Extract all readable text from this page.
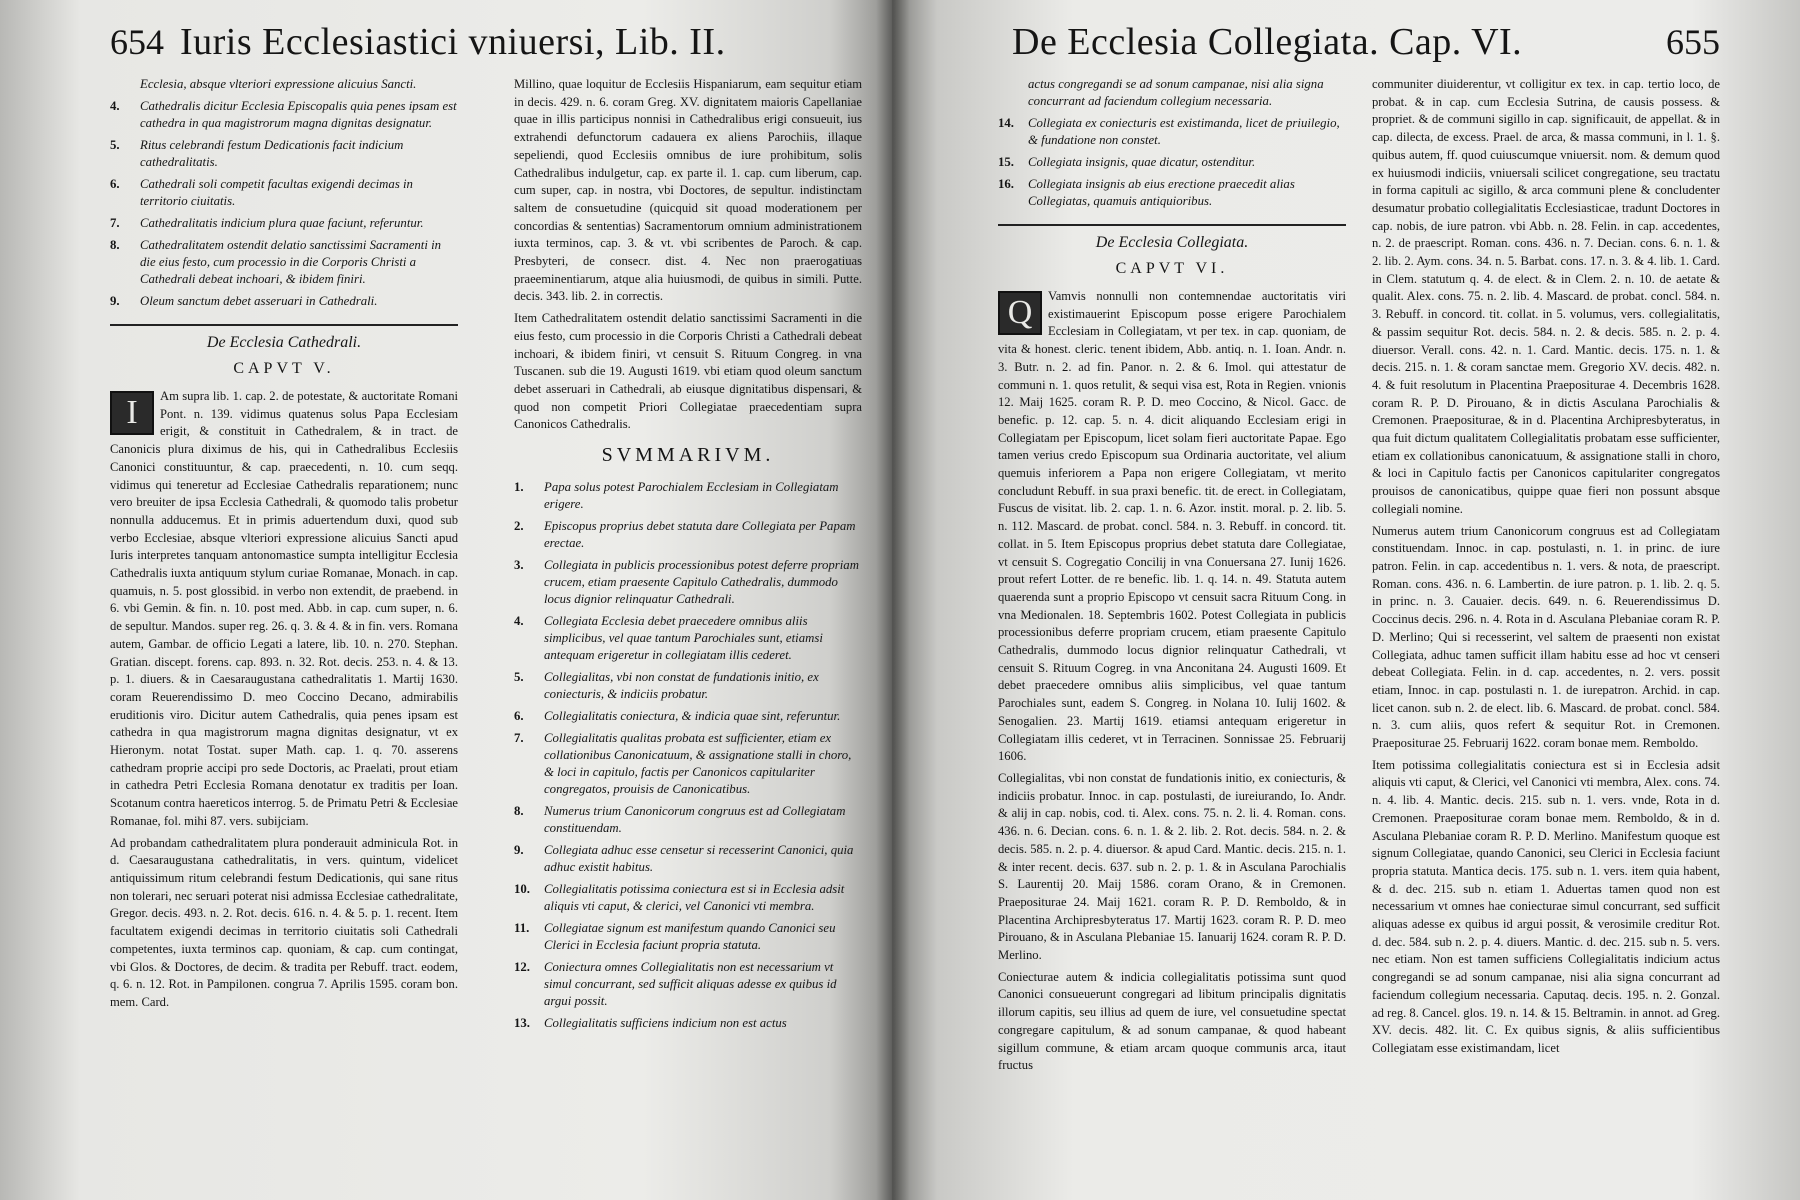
654 Iuris Ecclesiastici vniuersi, Lib. II.
Ecclesia, absque vlteriori expressione alicuius Sancti.
4.	Cathedralis dicitur Ecclesia Episcopalis quia penes ipsam est cathedra in qua magistrorum magna dignitas designatur.
5.	Ritus celebrandi festum Dedicationis facit indicium cathedralitatis.
6.	Cathedrali soli competit facultas exigendi decimas in territorio ciuitatis.
7.	Cathedralitatis indicium plura quae faciunt, referuntur.
8.	Cathedralitatem ostendit delatio sanctissimi Sacramenti in die eius festo, cum processio in die Corporis Christi a Cathedrali debeat inchoari, & ibidem finiri.
9.	Oleum sanctum debet asseruari in Cathedrali.
De Ecclesia Cathedrali.
CAPVT V.
I	Am supra lib. 1. cap. 2. de potestate, & auctoritate Romani Pont. n. 139. vidimus quatenus solus Papa Ecclesiam erigit, & constituit in Cathedralem, & in tract. de Canonicis plura diximus de his, qui in Cathedralibus Ecclesiis Canonici constituuntur, & cap. praecedenti, n. 10. cum seqq. vidimus qui teneretur ad Ecclesiae Cathedralis reparationem; nunc vero breuiter de ipsa Ecclesia Cathedrali, & quomodo talis probetur nonnulla adducemus. Et in primis aduertendum duxi, quod sub verbo Ecclesiae, absque vlteriori expressione alicuius Sancti apud Iuris interpretes tanquam antonomastice sumpta intelligitur Ecclesia Cathedralis iuxta antiquum stylum curiae Romanae, Monach. in cap. quamuis, n. 5. post glossibid. in verbo non extendit, de praebend. in 6. vbi Gemin. & fin. n. 10. post med. Abb. in cap. cum super, n. 6. de sepultur. Mandos. super reg. 26. q. 3. & 4. & in fin. vers. Romana autem, Gambar. de officio Legati a latere, lib. 10. n. 270. Stephan. Gratian. discept. forens. cap. 893. n. 32. Rot. decis. 253. n. 4. & 13. p. 1. diuers. & in Caesaraugustana cathedralitatis 1. Martij 1630. coram Reuerendissimo D. meo Coccino Decano, admirabilis eruditionis viro. Dicitur autem Cathedralis, quia penes ipsam est cathedra in qua magistrorum magna dignitas designatur, vt ex Hieronym. notat Tostat. super Math. cap. 1. q. 70. asserens cathedram proprie accipi pro sede Doctoris, ac Praelati, prout etiam in cathedra Petri Ecclesia Romana denotatur ex traditis per Ioan. Scotanum contra haereticos interrog. 5. de Primatu Petri & Ecclesiae Romanae, fol. mihi 87. vers. subijciam.
Ad probandam cathedralitatem plura ponderauit adminicula Rot. in d. Caesaraugustana cathedralitatis, in vers. quintum, videlicet antiquissimum ritum celebrandi festum Dedicationis, qui sane ritus non tolerari, nec seruari poterat nisi admissa Ecclesiae cathedralitate, Gregor. decis. 493. n. 2. Rot. decis. 616. n. 4. & 5. p. 1. recent. Item facultatem exigendi decimas in territorio ciuitatis soli Cathedrali competentes, iuxta terminos cap. quoniam, & cap. cum contingat, vbi Glos. & Doctores, de decim. & tradita per Rebuff. tract. eodem, q. 6. n. 12. Rot. in Pampilonen. congrua 7. Aprilis 1595. coram bon. mem. Card.
Millino, quae loquitur de Ecclesiis Hispaniarum, eam sequitur etiam in decis. 429. n. 6. coram Greg. XV. dignitatem maioris Capellaniae quae in illis participus nonnisi in Cathedralibus erigi consueuit, ius extrahendi defunctorum cadauera ex aliens Parochiis, illaque sepeliendi, quod Ecclesiis omnibus de iure prohibitum, solis Cathedralibus indulgetur, cap. ex parte il. 1. cap. cum liberum, cap. cum super, cap. in nostra, vbi Doctores, de sepultur. indistinctam saltem de consuetudine (quicquid sit quoad moderationem per concordias & sententias) Sacramentorum omnium administrationem iuxta terminos, cap. 3. & vt. vbi scribentes de Paroch. & cap. Presbyteri, de consecr. dist. 4. Nec non praerogatiuas praeeminentiarum, atque alia huiusmodi, de quibus in simili. Putte. decis. 343. lib. 2. in correctis.
Item Cathedralitatem ostendit delatio sanctissimi Sacramenti in die eius festo, cum processio in die Corporis Christi a Cathedrali debeat inchoari, & ibidem finiri, vt censuit S. Rituum Congreg. in vna Tuscanen. sub die 19. Augusti 1619. vbi etiam quod oleum sanctum debet asseruari in Cathedrali, ab eiusque dignitatibus dispensari, & quod non competit Priori Collegiatae praecedentiam supra Canonicos Cathedralis.
SVMMARIVM.
1.	Papa solus potest Parochialem Ecclesiam in Collegiatam erigere.
2.	Episcopus proprius debet statuta dare Collegiata per Papam erectae.
3.	Collegiata in publicis processionibus potest deferre propriam crucem, etiam praesente Capitulo Cathedralis, dummodo locus dignior relinquatur Cathedrali.
4.	Collegiata Ecclesia debet praecedere omnibus aliis simplicibus, vel quae tantum Parochiales sunt, etiamsi antequam erigeretur in collegiatam illis cederet.
5.	Collegialitas, vbi non constat de fundationis initio, ex coniecturis, & indiciis probatur.
6.	Collegialitatis coniectura, & indicia quae sint, referuntur.
7.	Collegialitatis qualitas probata est sufficienter, etiam ex collationibus Canonicatuum, & assignatione stalli in choro, & loci in capitulo, factis per Canonicos capitulariter congregatos, prouisis de Canonicatibus.
8.	Numerus trium Canonicorum congruus est ad Collegiatam constituendam.
9.	Collegiata adhuc esse censetur si recesserint Canonici, quia adhuc existit habitus.
10.	Collegialitatis potissima coniectura est si in Ecclesia adsit aliquis vti caput, & clerici, vel Canonici vti membra.
11.	Collegiatae signum est manifestum quando Canonici seu Clerici in Ecclesia faciunt propria statuta.
12.	Coniectura omnes Collegialitatis non est necessarium vt simul concurrant, sed sufficit aliquas adesse ex quibus id argui possit.
13.	Collegialitatis sufficiens indicium non est actus
De Ecclesia Collegiata. Cap. VI.	655
actus congregandi se ad sonum campanae, nisi alia signa concurrant ad faciendum collegium necessaria.
14.	Collegiata ex coniecturis est existimanda, licet de priuilegio, & fundatione non constet.
15.	Collegiata insignis, quae dicatur, ostenditur.
16.	Collegiata insignis ab eius erectione praecedit alias Collegiatas, quamuis antiquioribus.
De Ecclesia Collegiata.
CAPVT VI.
Q	Vamvis nonnulli non contemnendae auctoritatis viri existimauerint Episcopum posse erigere Parochialem Ecclesiam in Collegiatam, vt per tex. in cap. quoniam, de vita & honest. cleric. tenent ibidem, Abb. antiq. n. 1. Ioan. Andr. n. 3. Butr. n. 2. ad fin. Panor. n. 2. & 6. Imol. qui attestatur de communi n. 1. quos retulit, & sequi visa est, Rota in Regien. vnionis 12. Maij 1625. coram R. P. D. meo Coccino, & Nicol. Gacc. de benefic. p. 12. cap. 5. n. 4. dicit aliquando Ecclesiam erigi in Collegiatam per Episcopum, licet solam fieri auctoritate Papae. Ego tamen verius credo Episcopum sua Ordinaria auctoritate, vel alium quemuis inferiorem a Papa non erigere Collegiatam, vt merito concludunt Rebuff. in sua praxi benefic. tit. de erect. in Collegiatam, Fuscus de visitat. lib. 2. cap. 1. n. 6. Azor. instit. moral. p. 2. lib. 5. n. 112. Mascard. de probat. concl. 584. n. 3. Rebuff. in concord. tit. collat. in 5. Item Episcopus proprius debet statuta dare Collegiatae, vt censuit S. Cogregatio Concilij in vna Conuersana 27. Iunij 1626. prout refert Lotter. de re benefic. lib. 1. q. 14. n. 49. Statuta autem quaerenda sunt a proprio Episcopo vt censuit sacra Rituum Cong. in vna Medionalen. 18. Septembris 1602. Potest Collegiata in publicis processionibus deferre propriam crucem, etiam praesente Capitulo Cathedralis, dummodo locus dignior relinquatur Cathedrali, vt censuit S. Rituum Cogreg. in vna Anconitana 24. Augusti 1609. Et debet praecedere omnibus aliis simplicibus, vel quae tantum Parochiales sunt, eadem S. Congreg. in Nolana 10. Iulij 1602. & Senogalien. 23. Martij 1619. etiamsi antequam erigeretur in Collegiatam illis cederet, vt in Terracinen. Sonnissae 25. Februarij 1606.
Collegialitas, vbi non constat de fundationis initio, ex coniecturis, & indiciis probatur. Innoc. in cap. postulasti, de iureiurando, Io. Andr. & alij in cap. nobis, cod. ti. Alex. cons. 75. n. 2. li. 4. Roman. cons. 436. n. 6. Decian. cons. 6. n. 1. & 2. lib. 2. Rot. decis. 584. n. 2. & decis. 585. n. 2. p. 4. diuersor. & apud Card. Mantic. decis. 215. n. 1. & inter recent. decis. 637. sub n. 2. p. 1. & in Asculana Parochialis S. Laurentij 20. Maij 1586. coram Orano, & in Cremonen. Praepositurae 24. Maij 1621. coram R. P. D. Remboldo, & in Placentina Archipresbyteratus 17. Martij 1623. coram R. P. D. meo Pirouano, & in Asculana Plebaniae 15. Ianuarij 1624. coram R. P. D. Merlino.
Coniecturae autem & indicia collegialitatis potissima sunt quod Canonici consueuerunt congregari ad libitum principalis dignitatis illorum capitis, seu illius ad quem de iure, vel consuetudine spectat congregare capitulum, & ad sonum campanae, & quod habeant sigillum commune, & etiam arcam quoque communis arca, itaut fructus
communiter diuiderentur, vt colligitur ex tex. in cap. tertio loco, de probat. & in cap. cum Ecclesia Sutrina, de causis possess. & propriet. & de communi sigillo in cap. significauit, de appellat. & in cap. dilecta, de excess. Prael. de arca, & massa communi, in l. 1. §. quibus autem, ff. quod cuiuscumque vniuersit. nom. & demum quod ex huiusmodi indiciis, vniuersali scilicet congregatione, seu tractatu in forma capituli ac sigillo, & arca communi plene & concludenter desumatur probatio collegialitatis Ecclesiasticae, tradunt Doctores in cap. nobis, de iure patron. vbi Abb. n. 28. Felin. in cap. accedentes, n. 2. de praescript. Roman. cons. 436. n. 7. Decian. cons. 6. n. 1. & 2. lib. 2. Aym. cons. 34. n. 5. Barbat. cons. 17. n. 3. & 4. lib. 1. Card. in Clem. statutum q. 4. de elect. & in Clem. 2. n. 10. de aetate & qualit. Alex. cons. 75. n. 2. lib. 4. Mascard. de probat. concl. 584. n. 3. Rebuff. in concord. tit. collat. in 5. volumus, vers. collegialitatis, & passim sequitur Rot. decis. 584. n. 2. & decis. 585. n. 2. p. 4. diuersor. Verall. cons. 42. n. 1. Card. Mantic. decis. 175. n. 1. & decis. 215. n. 1. & coram sanctae mem. Gregorio XV. decis. 482. n. 4. & fuit resolutum in Placentina Praepositurae 4. Decembris 1628. coram R. P. D. Pirouano, & in dictis Asculana Parochialis & Cremonen. Praepositurae, & in d. Placentina Archipresbyteratus, in qua fuit dictum qualitatem Collegialitatis probatam esse sufficienter, etiam ex collationibus canonicatuum, & assignatione stalli in choro, & loci in Capitulo factis per Canonicos capitulariter congregatos prouisos de canonicatibus, quippe quae fieri non possunt absque collegiali nomine.
Numerus autem trium Canonicorum congruus est ad Collegiatam constituendam. Innoc. in cap. postulasti, n. 1. in princ. de iure patron. Felin. in cap. accedentibus n. 1. vers. & nota, de praescript. Roman. cons. 436. n. 6. Lambertin. de iure patron. p. 1. lib. 2. q. 5. in princ. n. 3. Cauaier. decis. 649. n. 6. Reuerendissimus D. Coccinus decis. 296. n. 4. Rota in d. Asculana Plebaniae coram R. P. D. Merlino; Qui si recesserint, vel saltem de praesenti non existat Collegiata, adhuc tamen sufficit illam habitu esse ad hoc vt censeri debeat Collegiata. Felin. in d. cap. accedentes, n. 2. vers. possit etiam, Innoc. in cap. postulasti n. 1. de iurepatron. Archid. in cap. licet canon. sub n. 2. de elect. lib. 6. Mascard. de probat. concl. 584. n. 3. cum aliis, quos refert & sequitur Rot. in Cremonen. Praepositurae 25. Februarij 1622. coram bonae mem. Remboldo.
Item potissima collegialitatis coniectura est si in Ecclesia adsit aliquis vti caput, & Clerici, vel Canonici vti membra, Alex. cons. 74. n. 4. lib. 4. Mantic. decis. 215. sub n. 1. vers. vnde, Rota in d. Cremonen. Praepositurae coram bonae mem. Remboldo, & in d. Asculana Plebaniae coram R. P. D. Merlino. Manifestum quoque est signum Collegiatae, quando Canonici, seu Clerici in Ecclesia faciunt propria statuta. Mantica decis. 175. sub n. 1. vers. item quia habent, & d. dec. 215. sub n. etiam 1. Aduertas tamen quod non est necessarium vt omnes hae coniecturae simul concurrant, sed sufficit aliquas adesse ex quibus id argui possit, & verosimile creditur Rot. d. dec. 584. sub n. 2. p. 4. diuers. Mantic. d. dec. 215. sub n. 5. vers. nec etiam. Non est tamen sufficiens Collegialitatis indicium actus congregandi se ad sonum campanae, nisi alia signa concurrant ad faciendum collegium necessaria. Caputaq. decis. 195. n. 2. Gonzal. ad reg. 8. Cancel. glos. 19. n. 14. & 15. Beltramin. in annot. ad Greg. XV. decis. 482. lit. C. Ex quibus signis, & aliis sufficientibus Collegiatam esse existimandam, licet
